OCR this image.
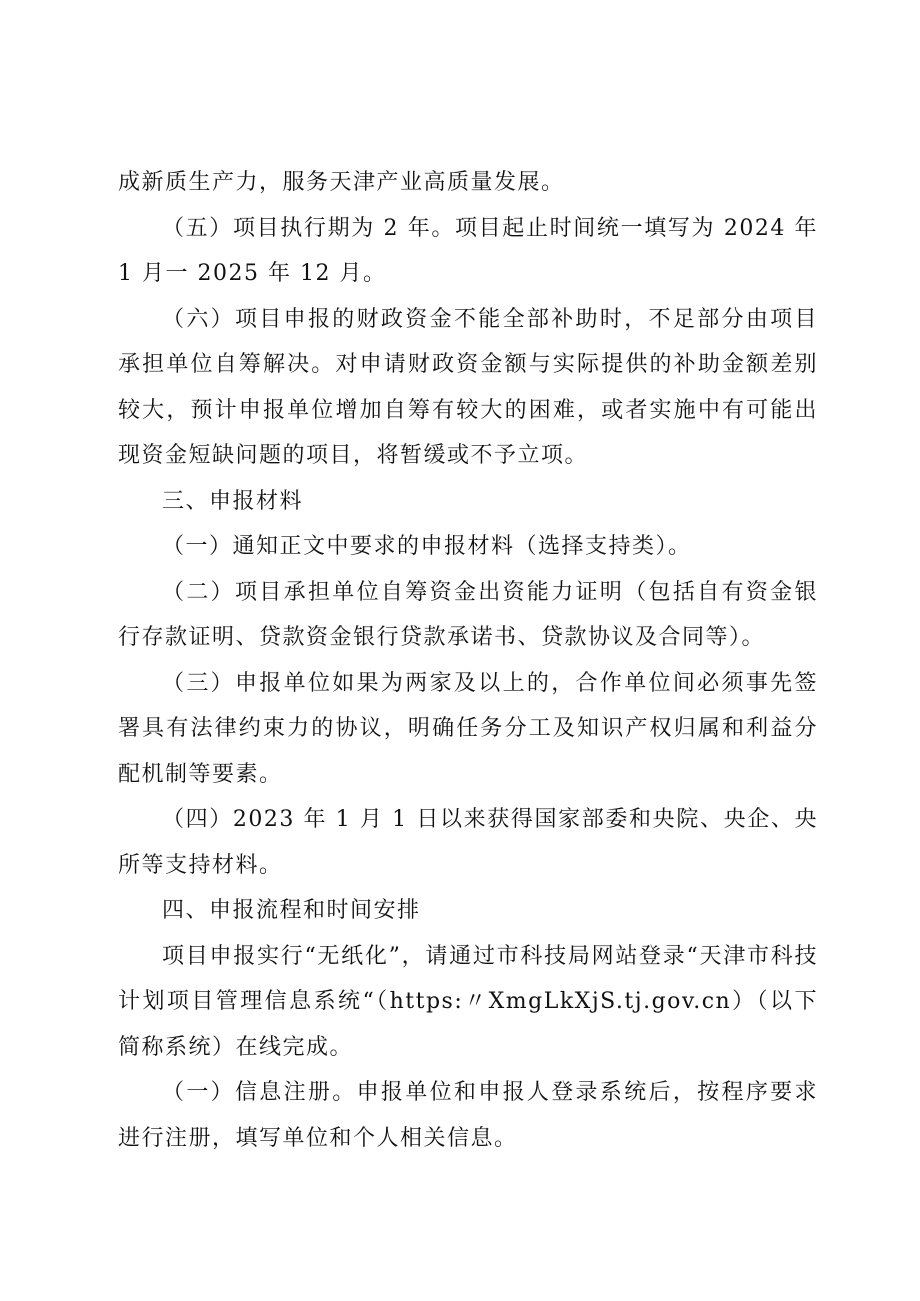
成新质生产力，服务天津产业高质量发展。

（五）项目执行期为 2 年。项目起止时间统一填写为 2024 年 1 月一 2025 年 12 月。

（六）项目申报的财政资金不能全部补助时，不足部分由项目承担单位自筹解决。对申请财政资金额与实际提供的补助金额差别较大，预计申报单位增加自筹有较大的困难，或者实施中有可能出现资金短缺问题的项目，将暂缓或不予立项。

三、申报材料

（一）通知正文中要求的申报材料（选择支持类）。

（二）项目承担单位自筹资金出资能力证明（包括自有资金银行存款证明、贷款资金银行贷款承诺书、贷款协议及合同等）。

（三）申报单位如果为两家及以上的，合作单位间必须事先签署具有法律约束力的协议，明确任务分工及知识产权归属和利益分配机制等要素。

（四）2023 年 1 月 1 日以来获得国家部委和央院、央企、央所等支持材料。

四、申报流程和时间安排

项目申报实行“无纸化”，请通过市科技局网站登录“天津市科技计划项目管理信息系统“（https:〃XmgLkXjS.tj.gov.cn）（以下简称系统）在线完成。

（一）信息注册。申报单位和申报人登录系统后，按程序要求进行注册，填写单位和个人相关信息。
